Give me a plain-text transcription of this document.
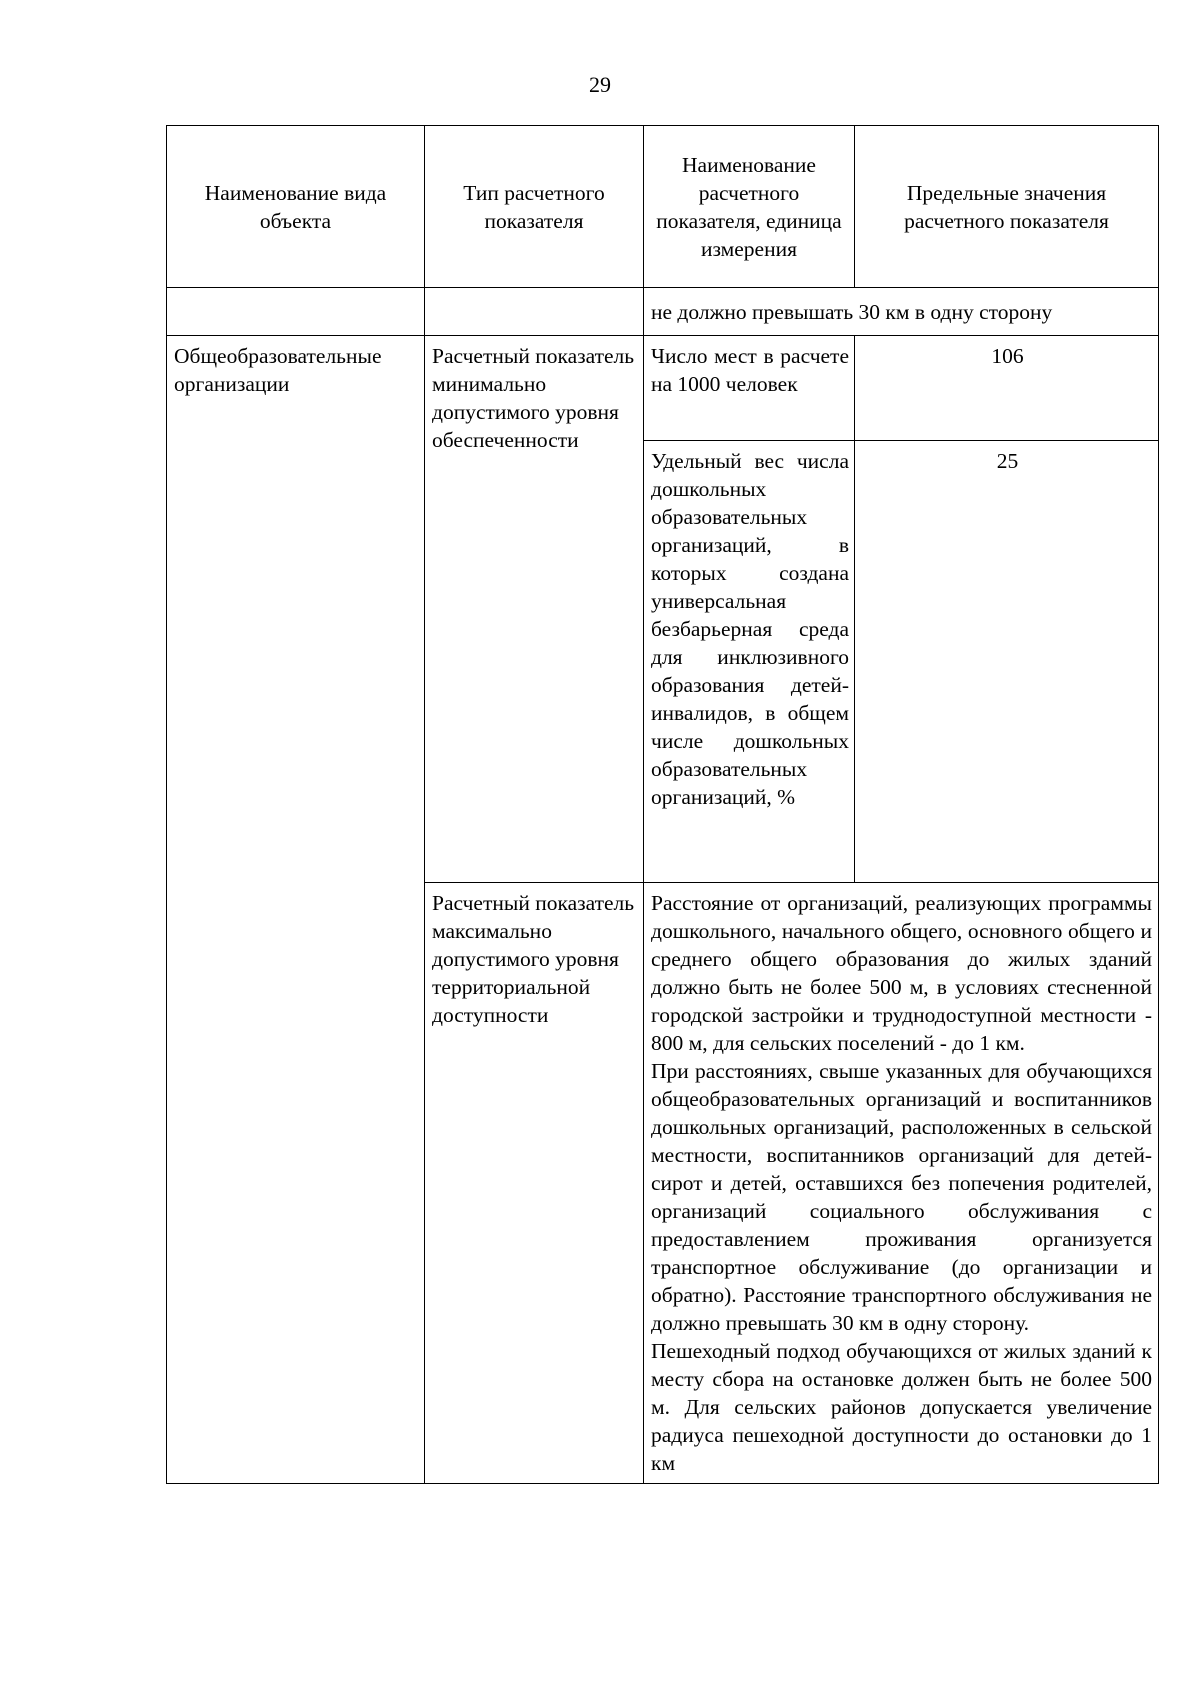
29
Наименование вида объекта	Тип расчетного показателя	Наименование расчетного показателя, единица измерения	Предельные значения расчетного показателя
		не должно превышать 30 км в одну сторону	
Общеобразовательные организации	Расчетный показатель минимально допустимого уровня обеспеченности	Число мест в расчете на 1000 человек	106
		Удельный вес числа дошкольных образовательных организаций, в которых создана универсальная безбарьерная среда для инклюзивного образования детей-инвалидов, в общем числе дошкольных образовательных организаций, %	25
	Расчетный показатель максимально допустимого уровня территориальной доступности	Расстояние от организаций, реализующих программы дошкольного, начального общего, основного общего и среднего общего образования до жилых зданий должно быть не более 500 м, в условиях стесненной городской застройки и труднодоступной местности - 800 м, для сельских поселений - до 1 км.
При расстояниях, свыше указанных для обучающихся общеобразовательных организаций и воспитанников дошкольных организаций, расположенных в сельской местности, воспитанников организаций для детей-сирот и детей, оставшихся без попечения родителей, организаций социального обслуживания с предоставлением проживания организуется транспортное обслуживание (до организации и обратно). Расстояние транспортного обслуживания не должно превышать 30 км в одну сторону.
Пешеходный подход обучающихся от жилых зданий к месту сбора на остановке должен быть не более 500 м. Для сельских районов допускается увеличение радиуса пешеходной доступности до остановки до 1 км	
